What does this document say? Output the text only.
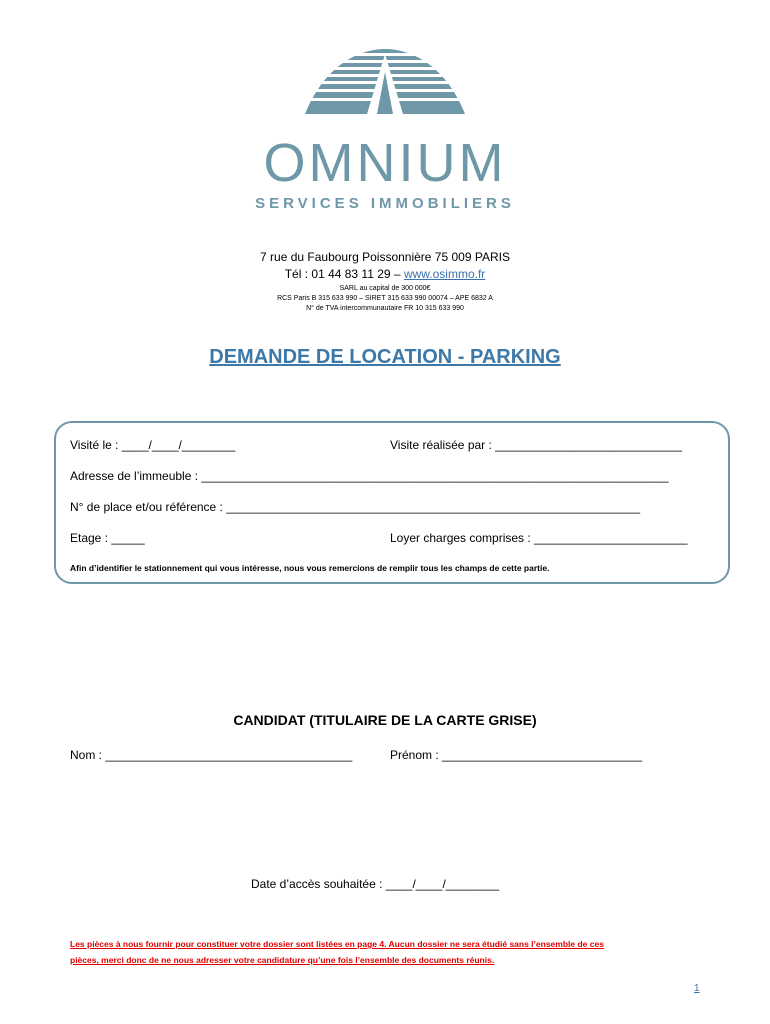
OMNIUM
SERVICES IMMOBILIERS
7 rue du Faubourg Poissonnière 75 009 PARIS
Tél : 01 44 83 11 29 – www.osimmo.fr
SARL au capital de 300 000€
RCS Paris B 315 633 990 – SIRET 315 633 990 00074 – APE 6832 A
N° de TVA intercommunautaire FR 10 315 633 990
DEMANDE DE LOCATION - PARKING
Visité le : ____/____/________	Visite réalisée par : ____________________________
Adresse de l’immeuble : ______________________________________________________________________
N° de place et/ou référence : ______________________________________________________________
Etage : _____	Loyer charges comprises : _______________________
Afin d’identifier le stationnement qui vous intéresse, nous vous remercions de remplir tous les champs de cette partie.
CANDIDAT (TITULAIRE DE LA CARTE GRISE)
Nom : _____________________________________	Prénom : ______________________________
Date d’accès souhaitée : ____/____/________
Les pièces à nous fournir pour constituer votre dossier sont listées en page 4. Aucun dossier ne sera étudié sans l’ensemble de ces
pièces, merci donc de ne nous adresser votre candidature qu’une fois l’ensemble des documents réunis.
1
